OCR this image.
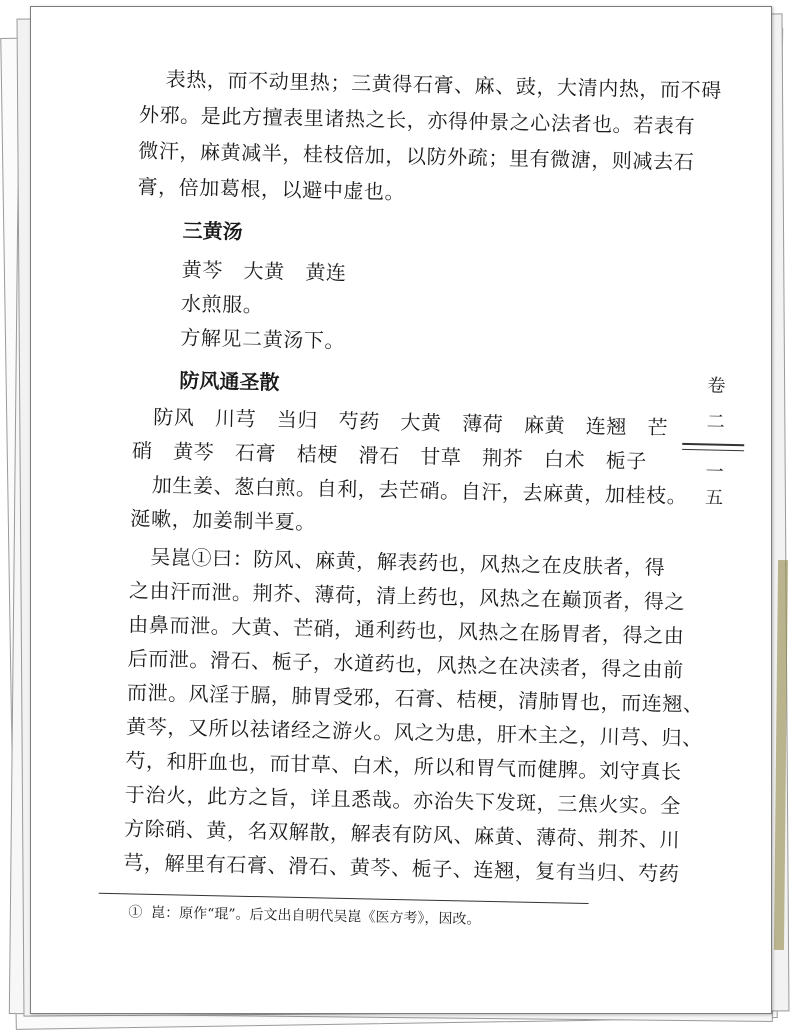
表热，而不动里热；三黄得石膏、麻、豉，大清内热，而不碍
外邪。是此方擅表里诸热之长，亦得仲景之心法者也。若表有
微汗，麻黄减半，桂枝倍加，以防外疏；里有微溏，则减去石
膏，倍加葛根，以避中虚也。
三黄汤
黄芩　大黄　黄连
水煎服。
方解见二黄汤下。
防风通圣散
　防风　川芎　当归　芍药　大黄　薄荷　麻黄　连翘　芒
硝　黄芩　石膏　桔梗　滑石　甘草　荆芥　白术　栀子
　加生姜、葱白煎。自利，去芒硝。自汗，去麻黄，加桂枝。
涎嗽，加姜制半夏。
　吴崑①曰：防风、麻黄，解表药也，风热之在皮肤者，得
之由汗而泄。荆芥、薄荷，清上药也，风热之在巅顶者，得之
由鼻而泄。大黄、芒硝，通利药也，风热之在肠胃者，得之由
后而泄。滑石、栀子，水道药也，风热之在决渎者，得之由前
而泄。风淫于膈，肺胃受邪，石膏、桔梗，清肺胃也，而连翘、
黄芩，又所以祛诸经之游火。风之为患，肝木主之，川芎、归、
芍，和肝血也，而甘草、白术，所以和胃气而健脾。刘守真长
于治火，此方之旨，详且悉哉。亦治失下发斑，三焦火实。全
方除硝、黄，名双解散，解表有防风、麻黄、薄荷、荆芥、川
芎，解里有石膏、滑石、黄芩、栀子、连翘，复有当归、芍药
① 崑：原作“琨”。后文出自明代吴崑《医方考》，因改。
卷
二
一五
